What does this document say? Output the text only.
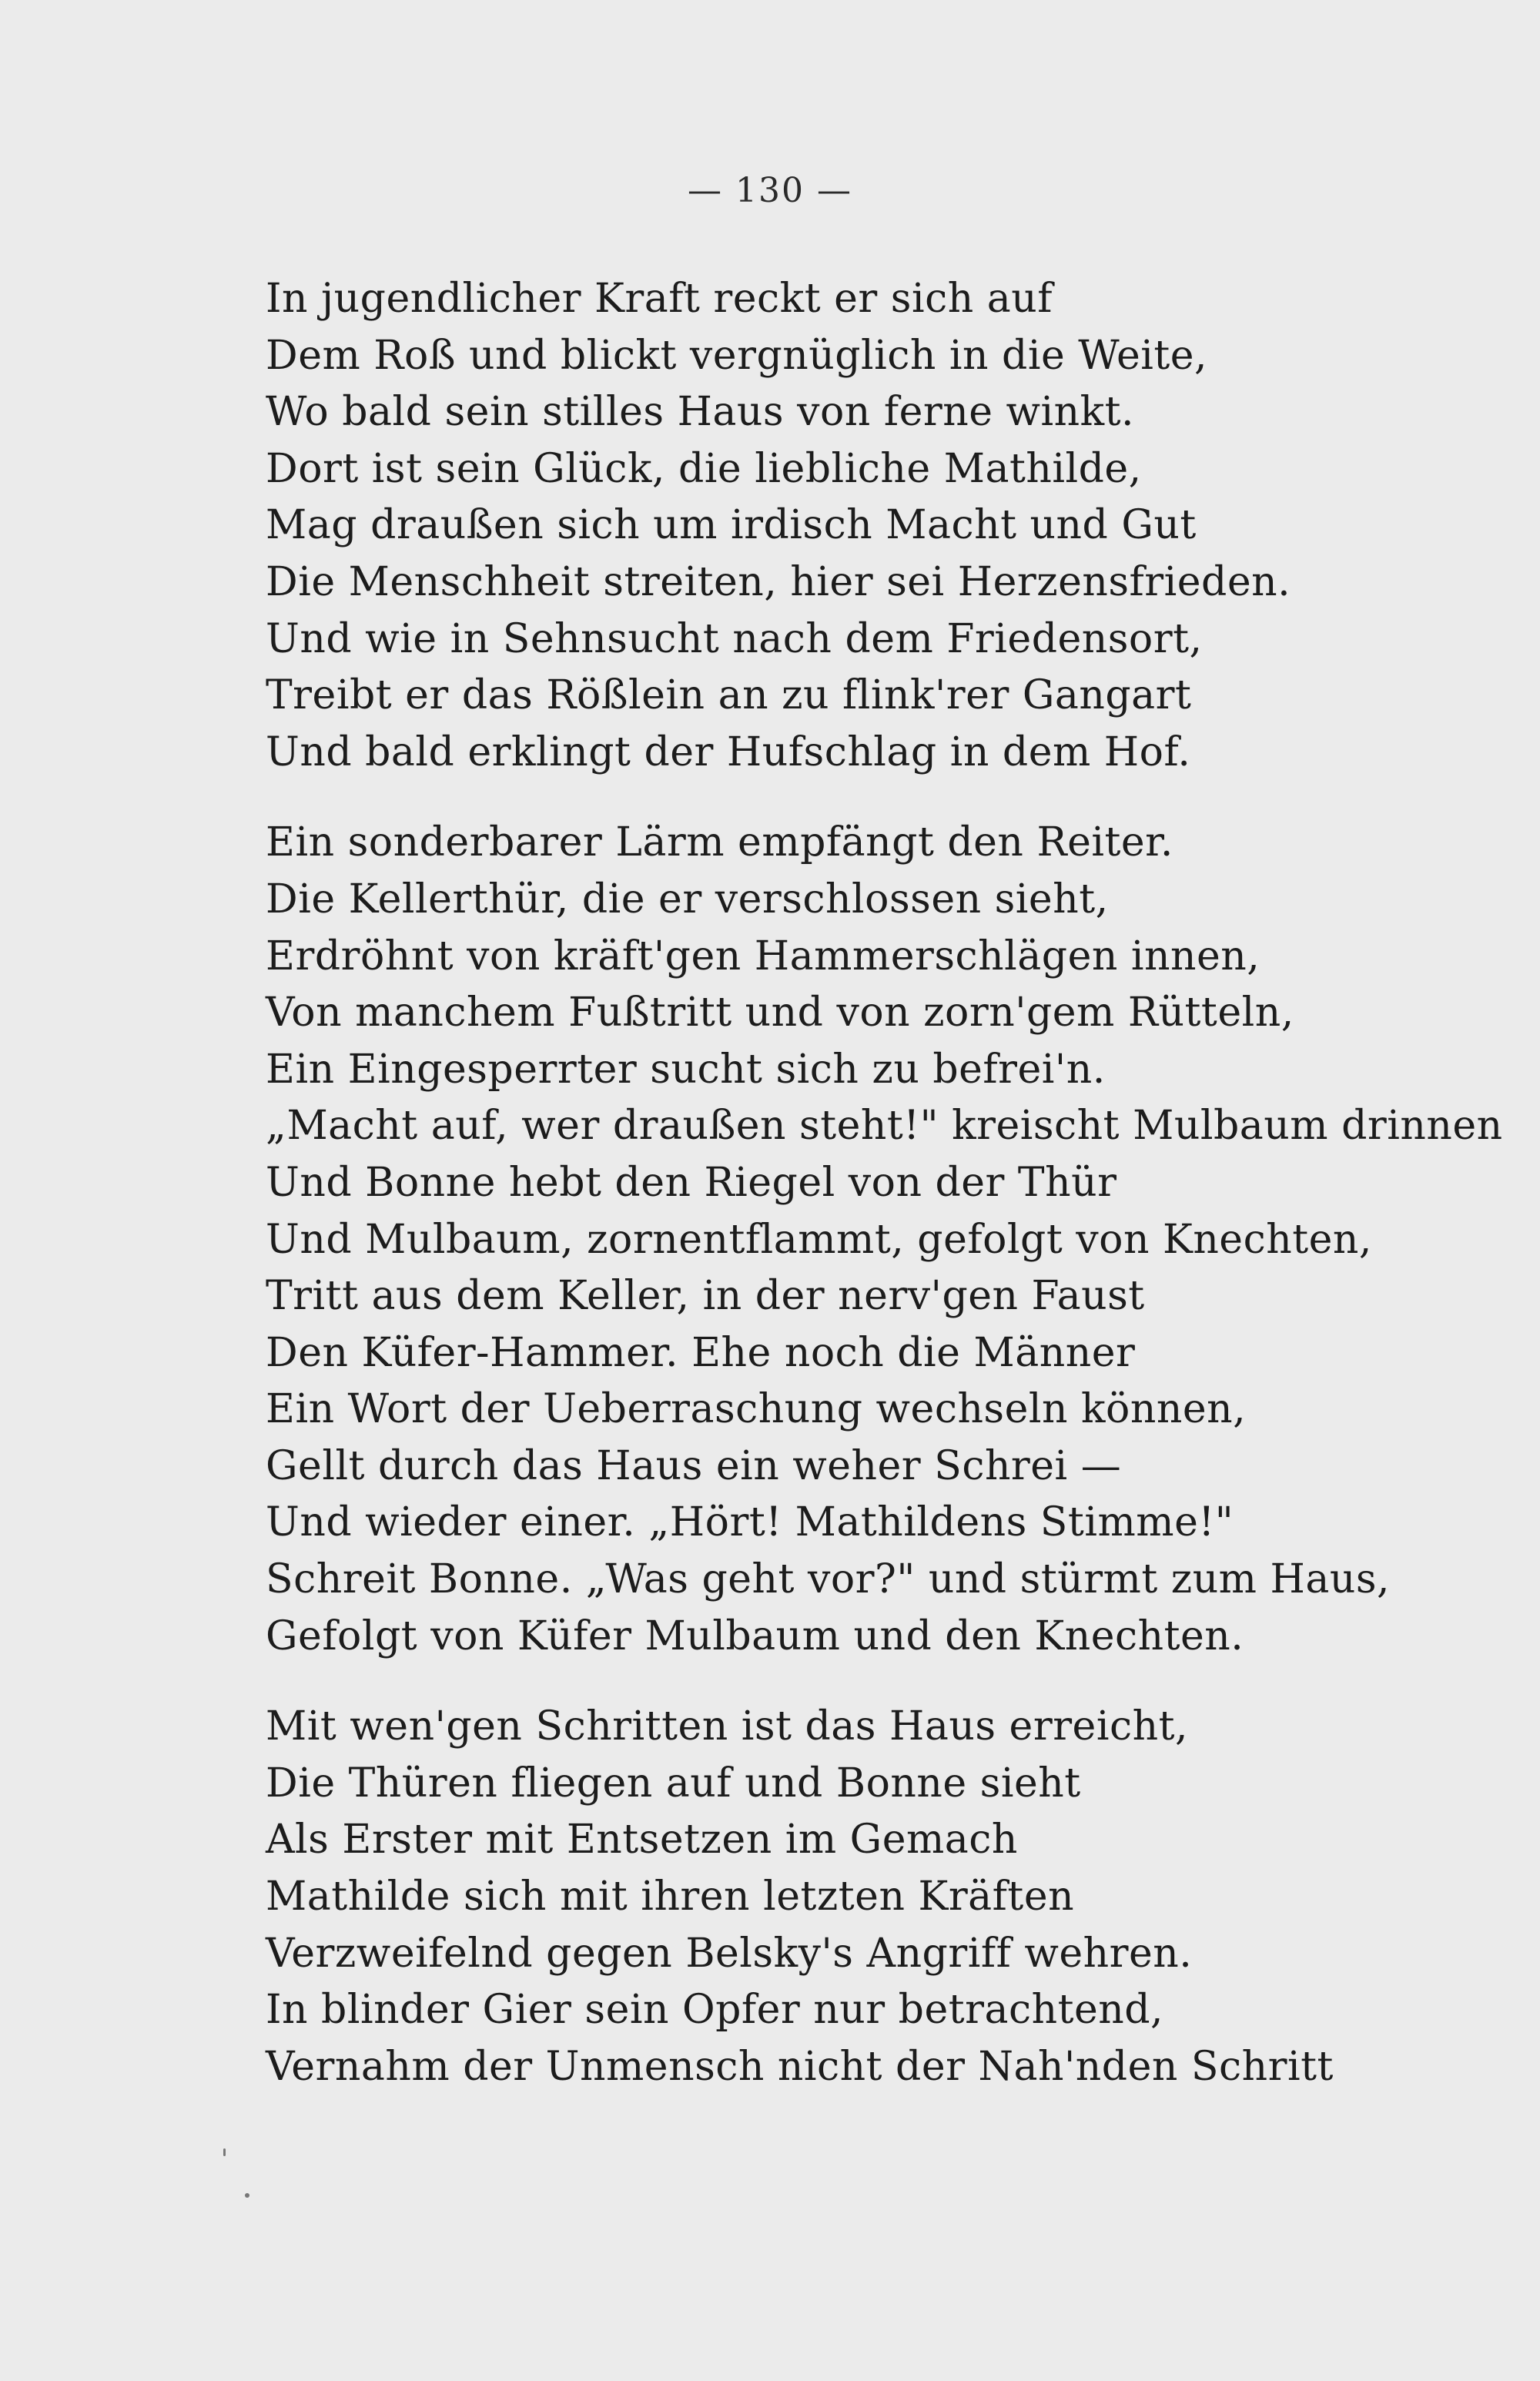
— 130 —
In jugendlicher Kraft reckt er sich auf
Dem Roß und blickt vergnüglich in die Weite,
Wo bald sein stilles Haus von ferne winkt.
Dort ist sein Glück, die liebliche Mathilde,
Mag draußen sich um irdisch Macht und Gut
Die Menschheit streiten, hier sei Herzensfrieden.
Und wie in Sehnsucht nach dem Friedensort,
Treibt er das Rößlein an zu flink'rer Gangart
Und bald erklingt der Hufschlag in dem Hof.
Ein sonderbarer Lärm empfängt den Reiter.
Die Kellerthür, die er verschlossen sieht,
Erdröhnt von kräft'gen Hammerschlägen innen,
Von manchem Fußtritt und von zorn'gem Rütteln,
Ein Eingesperrter sucht sich zu befrei'n.
„Macht auf, wer draußen steht!" kreischt Mulbaum drinnen
Und Bonne hebt den Riegel von der Thür
Und Mulbaum, zornentflammt, gefolgt von Knechten,
Tritt aus dem Keller, in der nerv'gen Faust
Den Küfer-Hammer. Ehe noch die Männer
Ein Wort der Ueberraschung wechseln können,
Gellt durch das Haus ein weher Schrei —
Und wieder einer. „Hört! Mathildens Stimme!"
Schreit Bonne. „Was geht vor?" und stürmt zum Haus,
Gefolgt von Küfer Mulbaum und den Knechten.
Mit wen'gen Schritten ist das Haus erreicht,
Die Thüren fliegen auf und Bonne sieht
Als Erster mit Entsetzen im Gemach
Mathilde sich mit ihren letzten Kräften
Verzweifelnd gegen Belsky's Angriff wehren.
In blinder Gier sein Opfer nur betrachtend,
Vernahm der Unmensch nicht der Nah'nden Schritt
